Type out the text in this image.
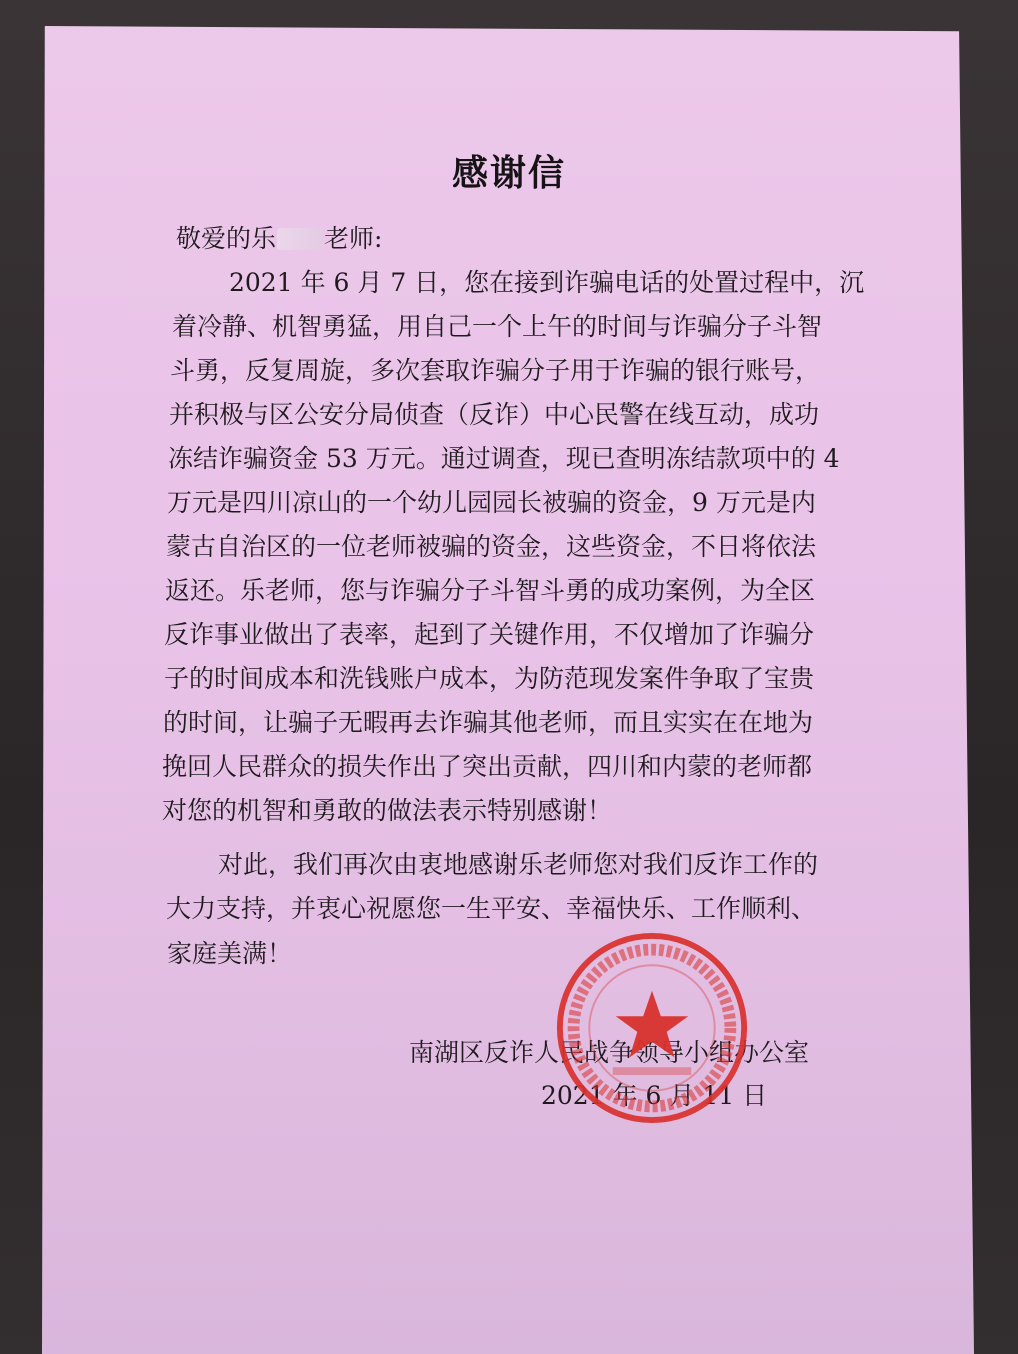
感谢信
敬爱的乐 老师:
2021 年 6 月 7 日，您在接到诈骗电话的处置过程中，沉
着冷静、机智勇猛，用自己一个上午的时间与诈骗分子斗智
斗勇，反复周旋，多次套取诈骗分子用于诈骗的银行账号，
并积极与区公安分局侦查（反诈）中心民警在线互动，成功
冻结诈骗资金 53 万元。通过调查，现已查明冻结款项中的 4
万元是四川凉山的一个幼儿园园长被骗的资金，9 万元是内
蒙古自治区的一位老师被骗的资金，这些资金，不日将依法
返还。乐老师，您与诈骗分子斗智斗勇的成功案例，为全区
反诈事业做出了表率，起到了关键作用，不仅增加了诈骗分
子的时间成本和洗钱账户成本，为防范现发案件争取了宝贵
的时间，让骗子无暇再去诈骗其他老师，而且实实在在地为
挽回人民群众的损失作出了突出贡献，四川和内蒙的老师都
对您的机智和勇敢的做法表示特别感谢！
对此，我们再次由衷地感谢乐老师您对我们反诈工作的
大力支持，并衷心祝愿您一生平安、幸福快乐、工作顺利、
家庭美满！
南湖区反诈人民战争领导小组办公室
2021 年 6 月 11 日
